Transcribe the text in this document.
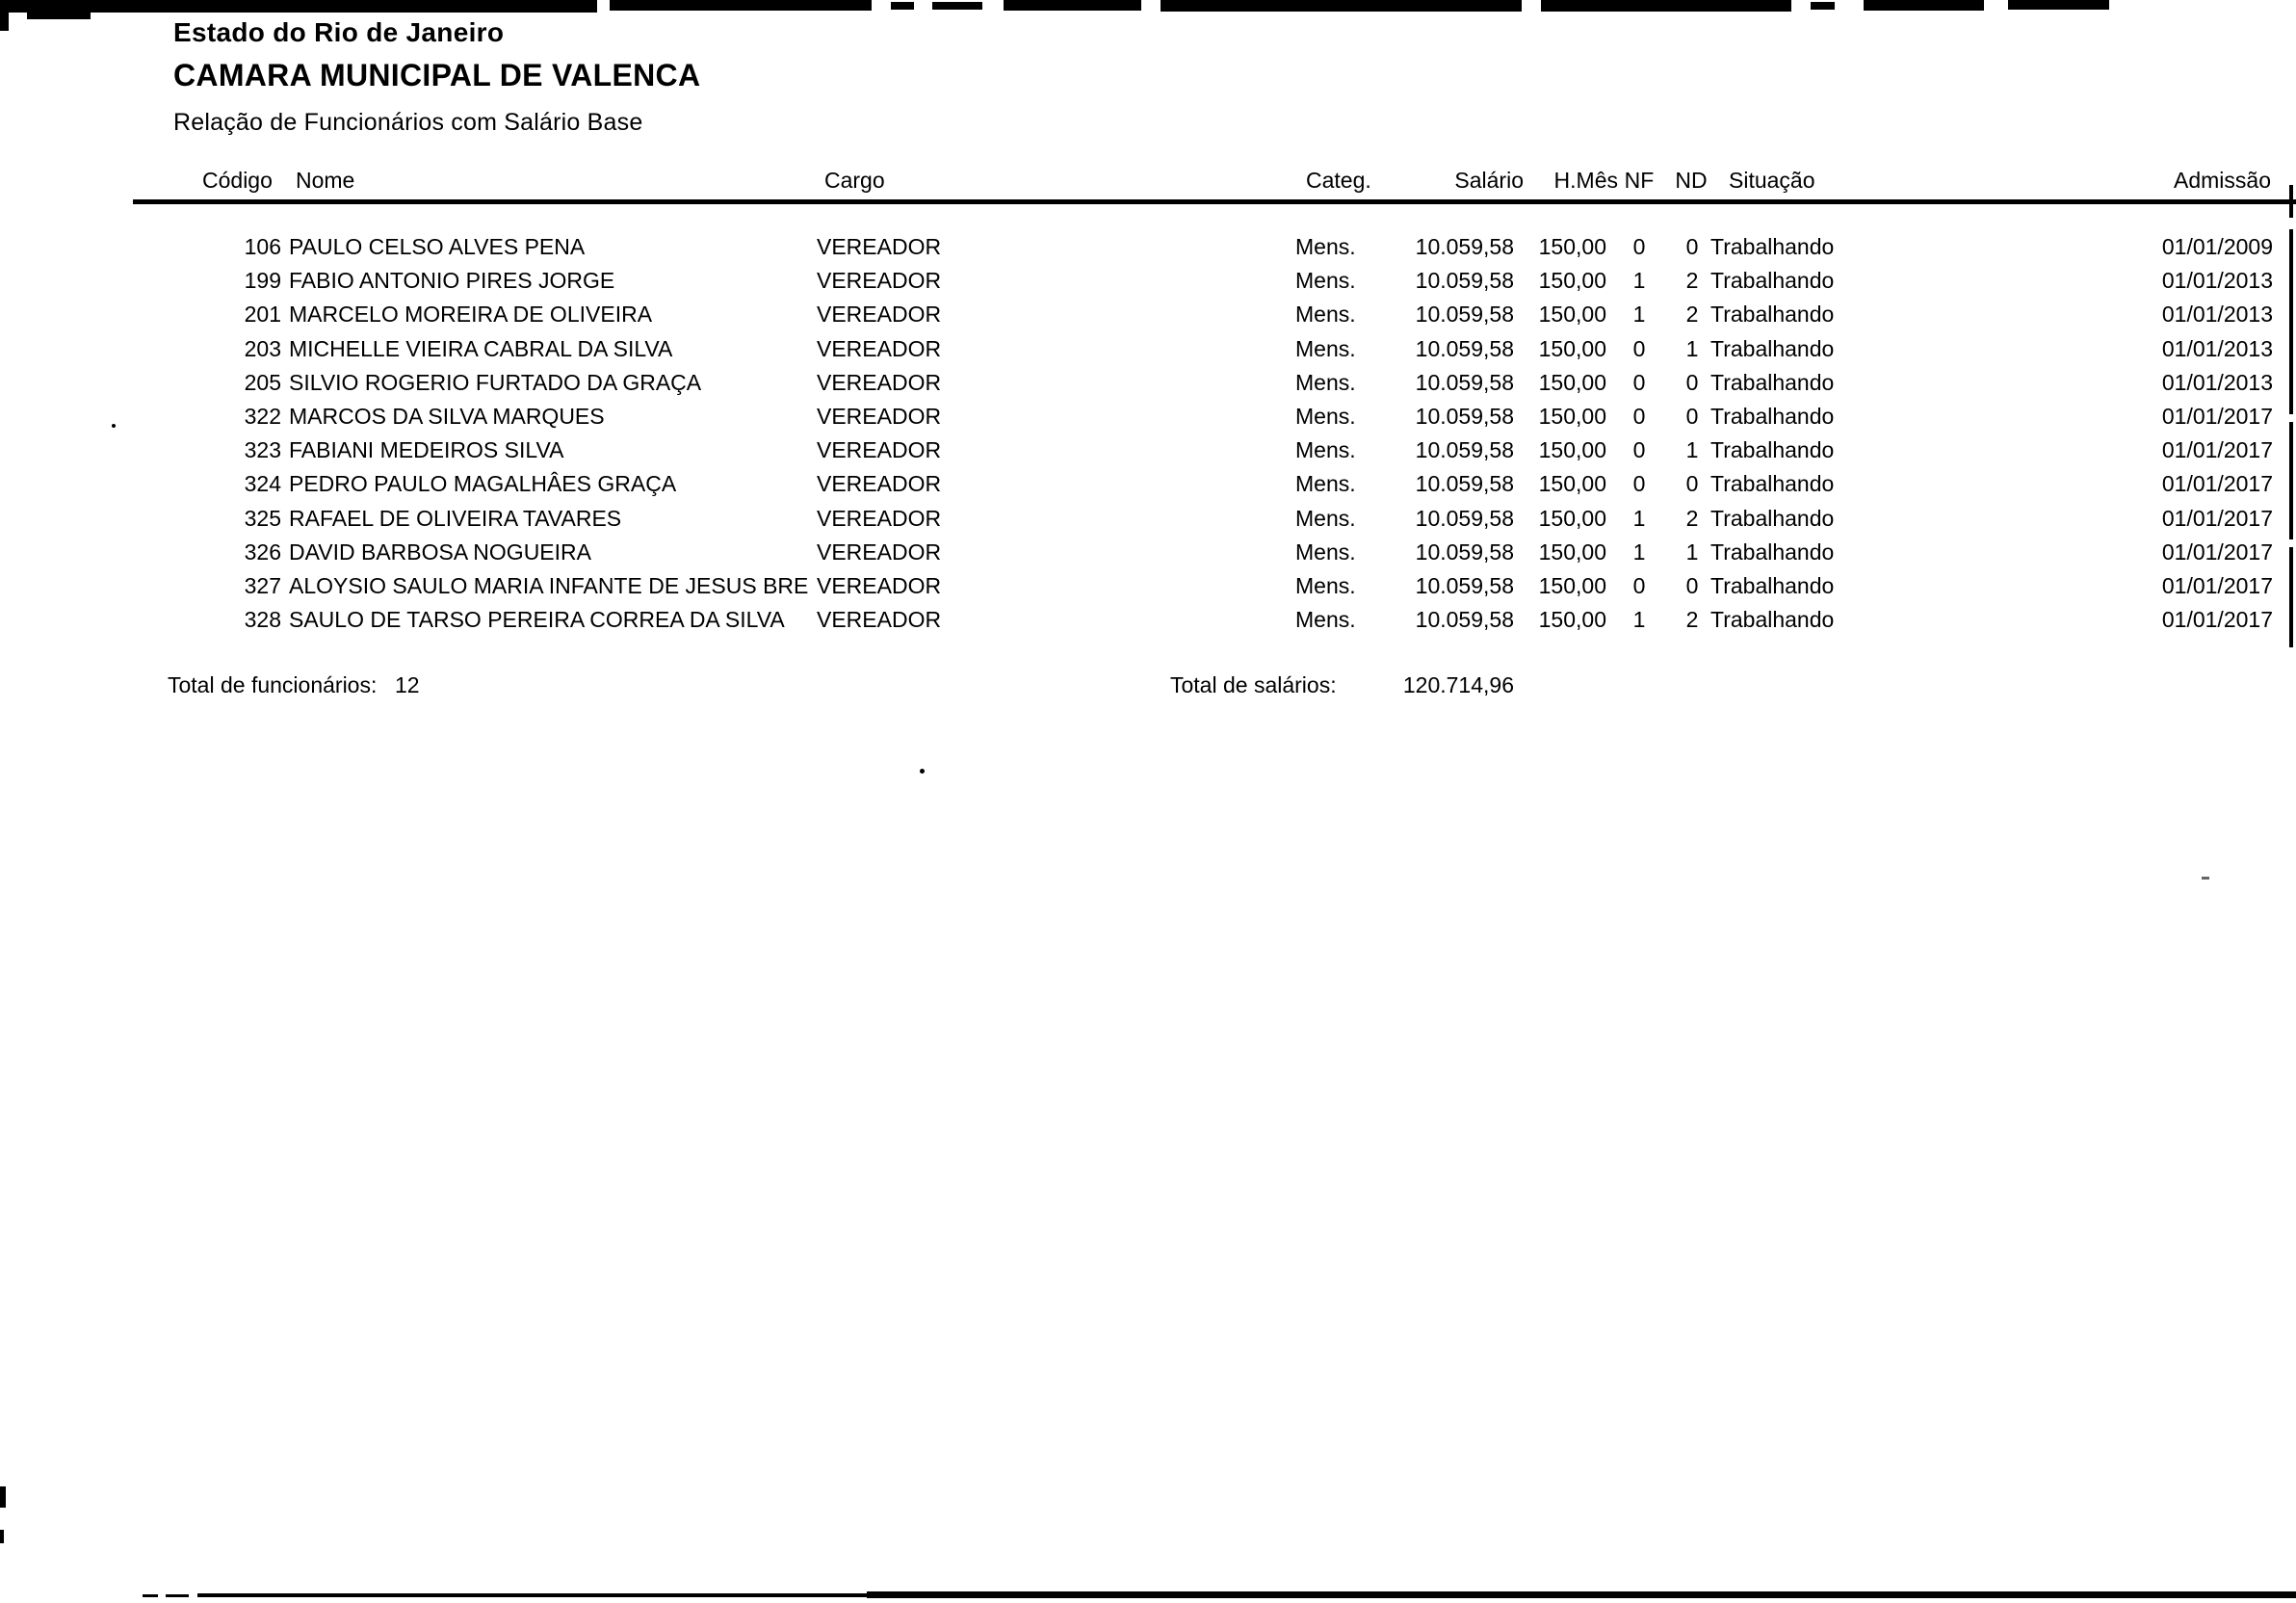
Estado do Rio de Janeiro
CAMARA MUNICIPAL DE VALENCA
Relação de Funcionários com Salário Base
Código Nome	Cargo	Categ.	Salário	H.Mês NF ND Situação	Admissão
106 PAULO CELSO ALVES PENA	VEREADOR	Mens.	10.059,58	150,00	0	0 Trabalhando	01/01/2009
199 FABIO ANTONIO PIRES JORGE	VEREADOR	Mens.	10.059,58	150,00	1	2 Trabalhando	01/01/2013
201 MARCELO MOREIRA DE OLIVEIRA	VEREADOR	Mens.	10.059,58	150,00	1	2 Trabalhando	01/01/2013
203 MICHELLE VIEIRA CABRAL DA SILVA	VEREADOR	Mens.	10.059,58	150,00	0	1 Trabalhando	01/01/2013
205 SILVIO ROGERIO FURTADO DA GRAÇA	VEREADOR	Mens.	10.059,58	150,00	0	0 Trabalhando	01/01/2013
322 MARCOS DA SILVA MARQUES	VEREADOR	Mens.	10.059,58	150,00	0	0 Trabalhando	01/01/2017
323 FABIANI MEDEIROS SILVA	VEREADOR	Mens.	10.059,58	150,00	0	1 Trabalhando	01/01/2017
324 PEDRO PAULO MAGALHÂES GRAÇA	VEREADOR	Mens.	10.059,58	150,00	0	0 Trabalhando	01/01/2017
325 RAFAEL DE OLIVEIRA TAVARES	VEREADOR	Mens.	10.059,58	150,00	1	2 Trabalhando	01/01/2017
326 DAVID BARBOSA NOGUEIRA	VEREADOR	Mens.	10.059,58	150,00	1	1 Trabalhando	01/01/2017
327 ALOYSIO SAULO MARIA INFANTE DE JESUS BRE VEREADOR	Mens.	10.059,58	150,00	0	0 Trabalhando	01/01/2017
328 SAULO DE TARSO PEREIRA CORREA DA SILVA VEREADOR	Mens.	10.059,58	150,00	1	2 Trabalhando	01/01/2017
Total de funcionários: 12	Total de salários:	120.714,96
